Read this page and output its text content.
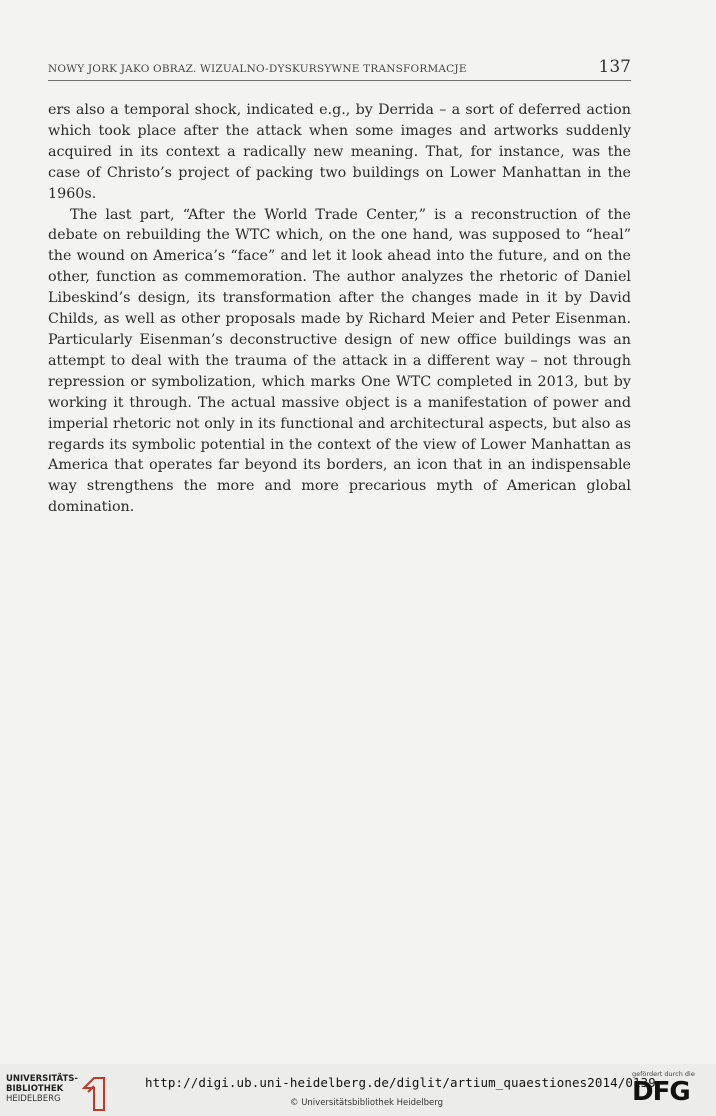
NOWY JORK JAKO OBRAZ. WIZUALNO-DYSKURSYWNE TRANSFORMACJE	137

ers also a temporal shock, indicated e.g., by Derrida – a sort of deferred action which took place after the attack when some images and artworks suddenly acquired in its context a radically new meaning. That, for instance, was the case of Christo’s project of packing two buildings on Lower Manhattan in the 1960s.

The last part, “After the World Trade Center,” is a reconstruction of the debate on rebuilding the WTC which, on the one hand, was supposed to “heal” the wound on America’s “face” and let it look ahead into the future, and on the other, function as commemoration. The author analyzes the rhetoric of Daniel Libeskind’s design, its transformation after the changes made in it by David Childs, as well as other proposals made by Richard Meier and Peter Eisenman. Particularly Eisenman’s deconstructive design of new office buildings was an attempt to deal with the trauma of the attack in a different way – not through repression or symbolization, which marks One WTC completed in 2013, but by working it through. The actual massive object is a manifestation of power and imperial rhetoric not only in its functional and architectural aspects, but also as regards its symbolic potential in the context of the view of Lower Manhattan as America that operates far beyond its borders, an icon that in an indispensable way strengthens the more and more precarious myth of American global domination.

UNIVERSITÄTS-
BIBLIOTHEK
HEIDELBERG
http://digi.ub.uni-heidelberg.de/diglit/artium_quaestiones2014/0139
© Universitätsbibliothek Heidelberg
gefördert durch die
DFG
